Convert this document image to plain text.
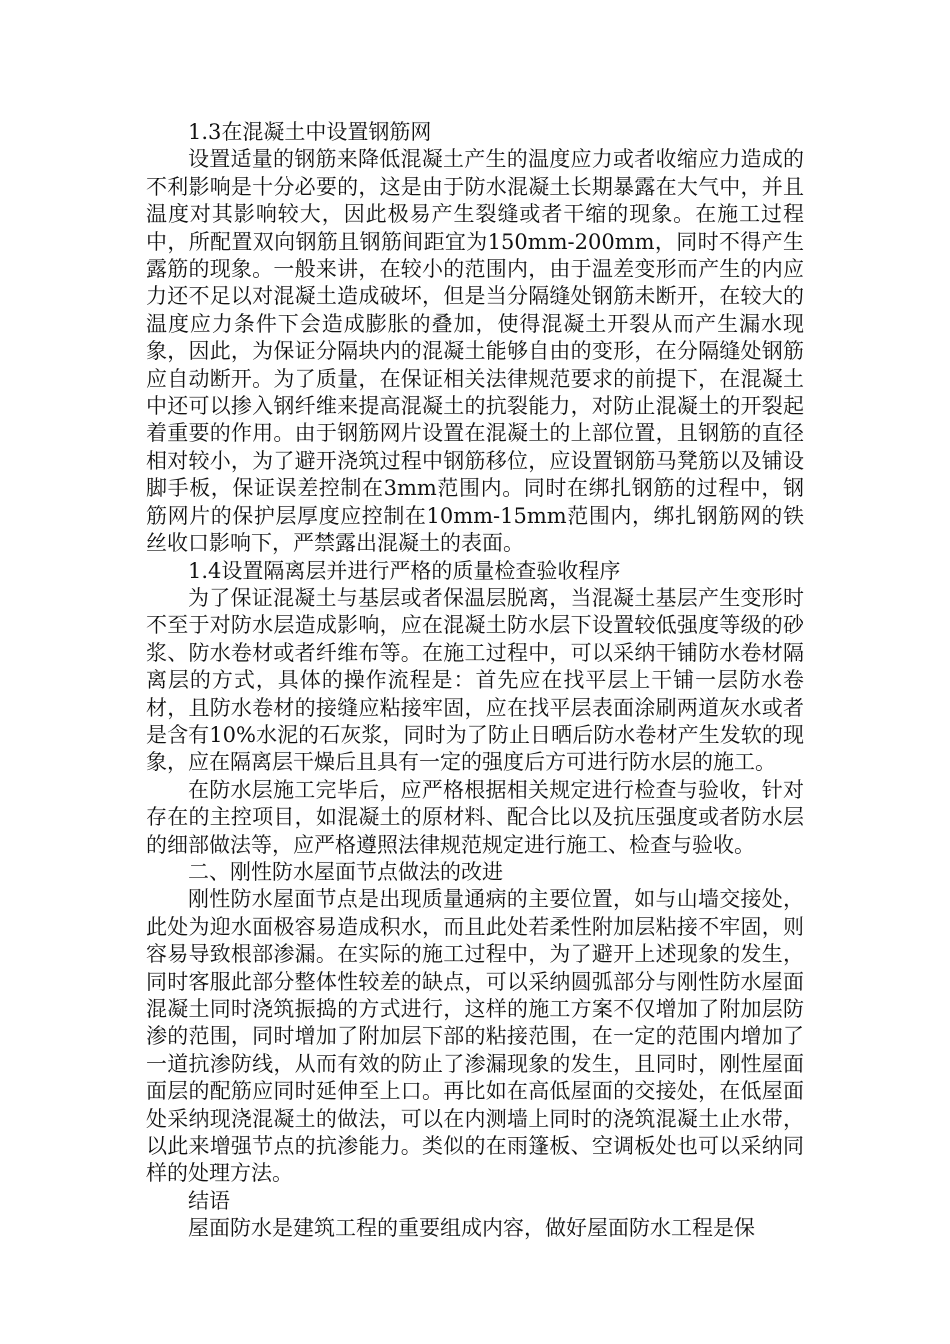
1.3在混凝土中设置钢筋网

设置适量的钢筋来降低混凝土产生的温度应力或者收缩应力造成的不利影响是十分必要的，这是由于防水混凝土长期暴露在大气中，并且温度对其影响较大，因此极易产生裂缝或者干缩的现象。在施工过程中，所配置双向钢筋且钢筋间距宜为150mm-200mm，同时不得产生露筋的现象。一般来讲，在较小的范围内，由于温差变形而产生的内应力还不足以对混凝土造成破坏，但是当分隔缝处钢筋未断开，在较大的温度应力条件下会造成膨胀的叠加，使得混凝土开裂从而产生漏水现象，因此，为保证分隔块内的混凝土能够自由的变形，在分隔缝处钢筋应自动断开。为了质量，在保证相关法律规范要求的前提下，在混凝土中还可以掺入钢纤维来提高混凝土的抗裂能力，对防止混凝土的开裂起着重要的作用。由于钢筋网片设置在混凝土的上部位置，且钢筋的直径相对较小，为了避开浇筑过程中钢筋移位，应设置钢筋马凳筋以及铺设脚手板，保证误差控制在3mm范围内。同时在绑扎钢筋的过程中，钢筋网片的保护层厚度应控制在10mm-15mm范围内，绑扎钢筋网的铁丝收口影响下，严禁露出混凝土的表面。

1.4设置隔离层并进行严格的质量检查验收程序

为了保证混凝土与基层或者保温层脱离，当混凝土基层产生变形时不至于对防水层造成影响，应在混凝土防水层下设置较低强度等级的砂浆、防水卷材或者纤维布等。在施工过程中，可以采纳干铺防水卷材隔离层的方式，具体的操作流程是：首先应在找平层上干铺一层防水卷材，且防水卷材的接缝应粘接牢固，应在找平层表面涂刷两道灰水或者是含有10%水泥的石灰浆，同时为了防止日晒后防水卷材产生发软的现象，应在隔离层干燥后且具有一定的强度后方可进行防水层的施工。

在防水层施工完毕后，应严格根据相关规定进行检查与验收，针对存在的主控项目，如混凝土的原材料、配合比以及抗压强度或者防水层的细部做法等，应严格遵照法律规范规定进行施工、检查与验收。

二、刚性防水屋面节点做法的改进

刚性防水屋面节点是出现质量通病的主要位置，如与山墙交接处，此处为迎水面极容易造成积水，而且此处若柔性附加层粘接不牢固，则容易导致根部渗漏。在实际的施工过程中，为了避开上述现象的发生，同时客服此部分整体性较差的缺点，可以采纳圆弧部分与刚性防水屋面混凝土同时浇筑振捣的方式进行，这样的施工方案不仅增加了附加层防渗的范围，同时增加了附加层下部的粘接范围，在一定的范围内增加了一道抗渗防线，从而有效的防止了渗漏现象的发生，且同时，刚性屋面面层的配筋应同时延伸至上口。再比如在高低屋面的交接处，在低屋面处采纳现浇混凝土的做法，可以在内测墙上同时的浇筑混凝土止水带，以此来增强节点的抗渗能力。类似的在雨篷板、空调板处也可以采纳同样的处理方法。

结语

屋面防水是建筑工程的重要组成内容，做好屋面防水工程是保
